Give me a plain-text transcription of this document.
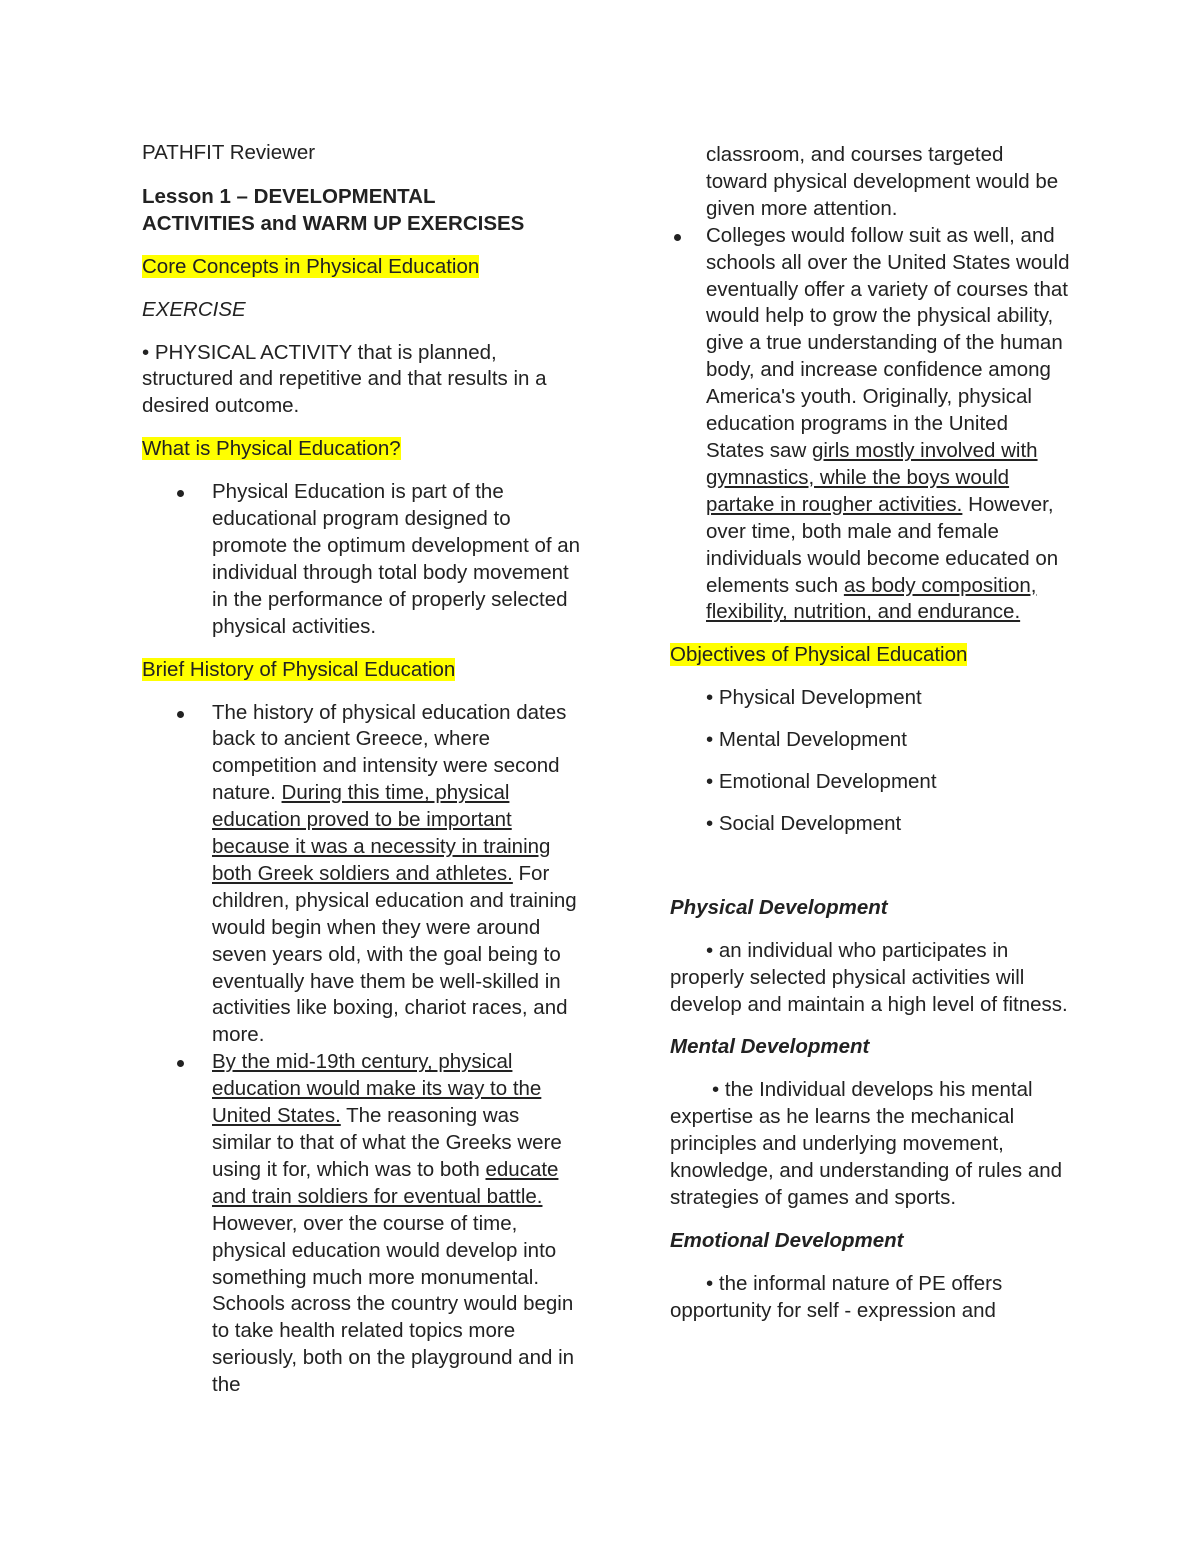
PATHFIT Reviewer

Lesson 1 – DEVELOPMENTAL
ACTIVITIES and WARM UP EXERCISES

Core Concepts in Physical Education

EXERCISE

• PHYSICAL ACTIVITY that is planned, structured and repetitive and that results in a desired outcome.

What is Physical Education?

Physical Education is part of the educational program designed to promote the optimum development of an individual through total body movement in the performance of properly selected physical activities.

Brief History of Physical Education

The history of physical education dates back to ancient Greece, where competition and intensity were second nature. During this time, physical education proved to be important because it was a necessity in training both Greek soldiers and athletes. For children, physical education and training would begin when they were around seven years old, with the goal being to eventually have them be well-skilled in activities like boxing, chariot races, and more.
By the mid-19th century, physical education would make its way to the United States. The reasoning was similar to that of what the Greeks were using it for, which was to both educate and train soldiers for eventual battle. However, over the course of time, physical education would develop into something much more monumental. Schools across the country would begin to take health related topics more seriously, both on the playground and in the

classroom, and courses targeted toward physical development would be given more attention.

Colleges would follow suit as well, and schools all over the United States would eventually offer a variety of courses that would help to grow the physical ability, give a true understanding of the human body, and increase confidence among America's youth. Originally, physical education programs in the United States saw girls mostly involved with gymnastics, while the boys would partake in rougher activities. However, over time, both male and female individuals would become educated on elements such as body composition, flexibility, nutrition, and endurance.

Objectives of Physical Education

• Physical Development

• Mental Development

• Emotional Development

• Social Development

Physical Development

• an individual who participates in properly selected physical activities will develop and maintain a high level of fitness.

Mental Development

• the Individual develops his mental expertise as he learns the mechanical principles and underlying movement, knowledge, and understanding of rules and strategies of games and sports.

Emotional Development

• the informal nature of PE offers opportunity for self - expression and
